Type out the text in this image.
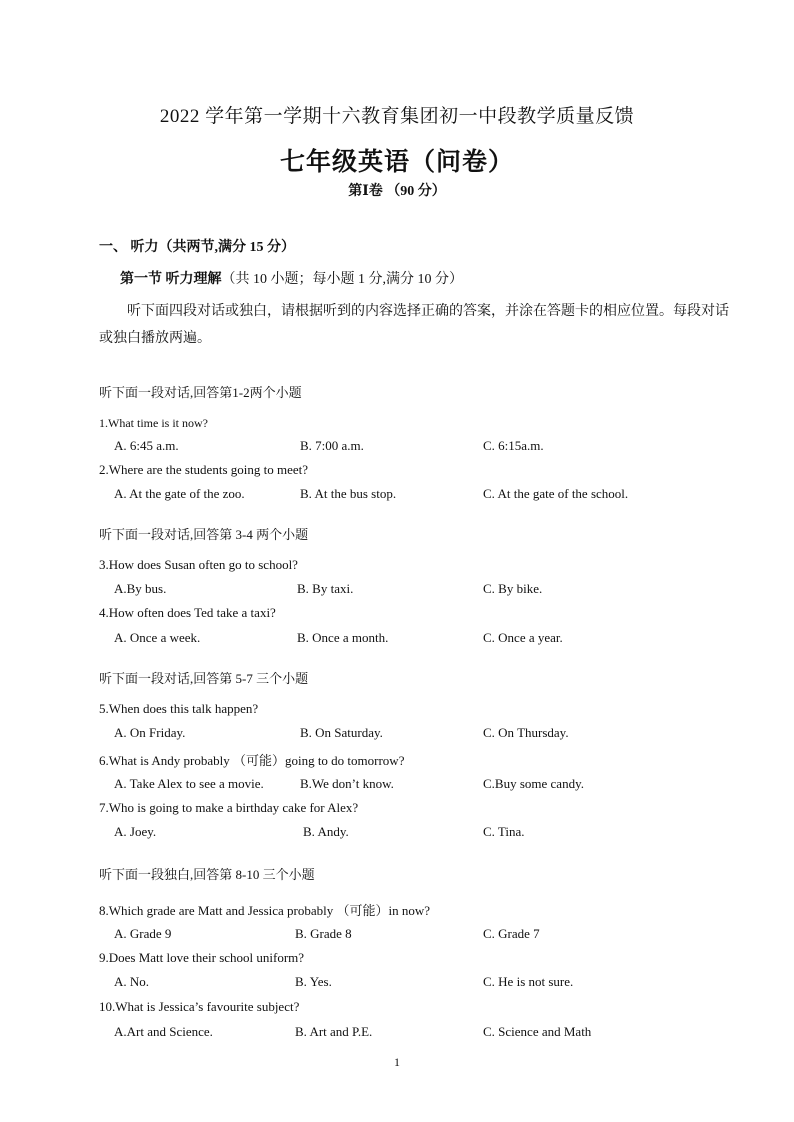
2022 学年第一学期十六教育集团初一中段教学质量反馈
七年级英语（问卷）
第Ⅰ卷 （90 分）
一、 听力（共两节,满分 15 分）
第一节 听力理解（共 10 小题；每小题 1 分,满分 10 分）
听下面四段对话或独白，请根据听到的内容选择正确的答案，并涂在答题卡的相应位置。每段对话
或独白播放两遍。
听下面一段对话,回答第1-2两个小题
听下面一段对话,回答第 3-4 两个小题
听下面一段对话,回答第 5-7 三个小题
听下面一段独白,回答第 8-10 三个小题
1.What time is it now?
A. 6:45 a.m.	B. 7:00 a.m.	C. 6:15a.m.
2.Where are the students going to meet?
A. At the gate of the zoo.	B. At the bus stop.	C. At the gate of the school.
3.How does Susan often go to school?
A.By bus.	B. By taxi.	C. By bike.
4.How often does Ted take a taxi?
A. Once a week.	B. Once a month.	C. Once a year.
5.When does this talk happen?
A. On Friday.	B. On Saturday.	C. On Thursday.
6.What is Andy probably （可能）going to do tomorrow?
A. Take Alex to see a movie.	B.We don’t know.	C.Buy some candy.
7.Who is going to make a birthday cake for Alex?
A. Joey.	B. Andy.	C. Tina.
8.Which grade are Matt and Jessica probably （可能）in now?
A. Grade 9	B. Grade 8	C. Grade 7
9.Does Matt love their school uniform?
A. No.	B. Yes.	C. He is not sure.
10.What is Jessica’s favourite subject?
A.Art and Science.	B. Art and P.E.	C. Science and Math
1
